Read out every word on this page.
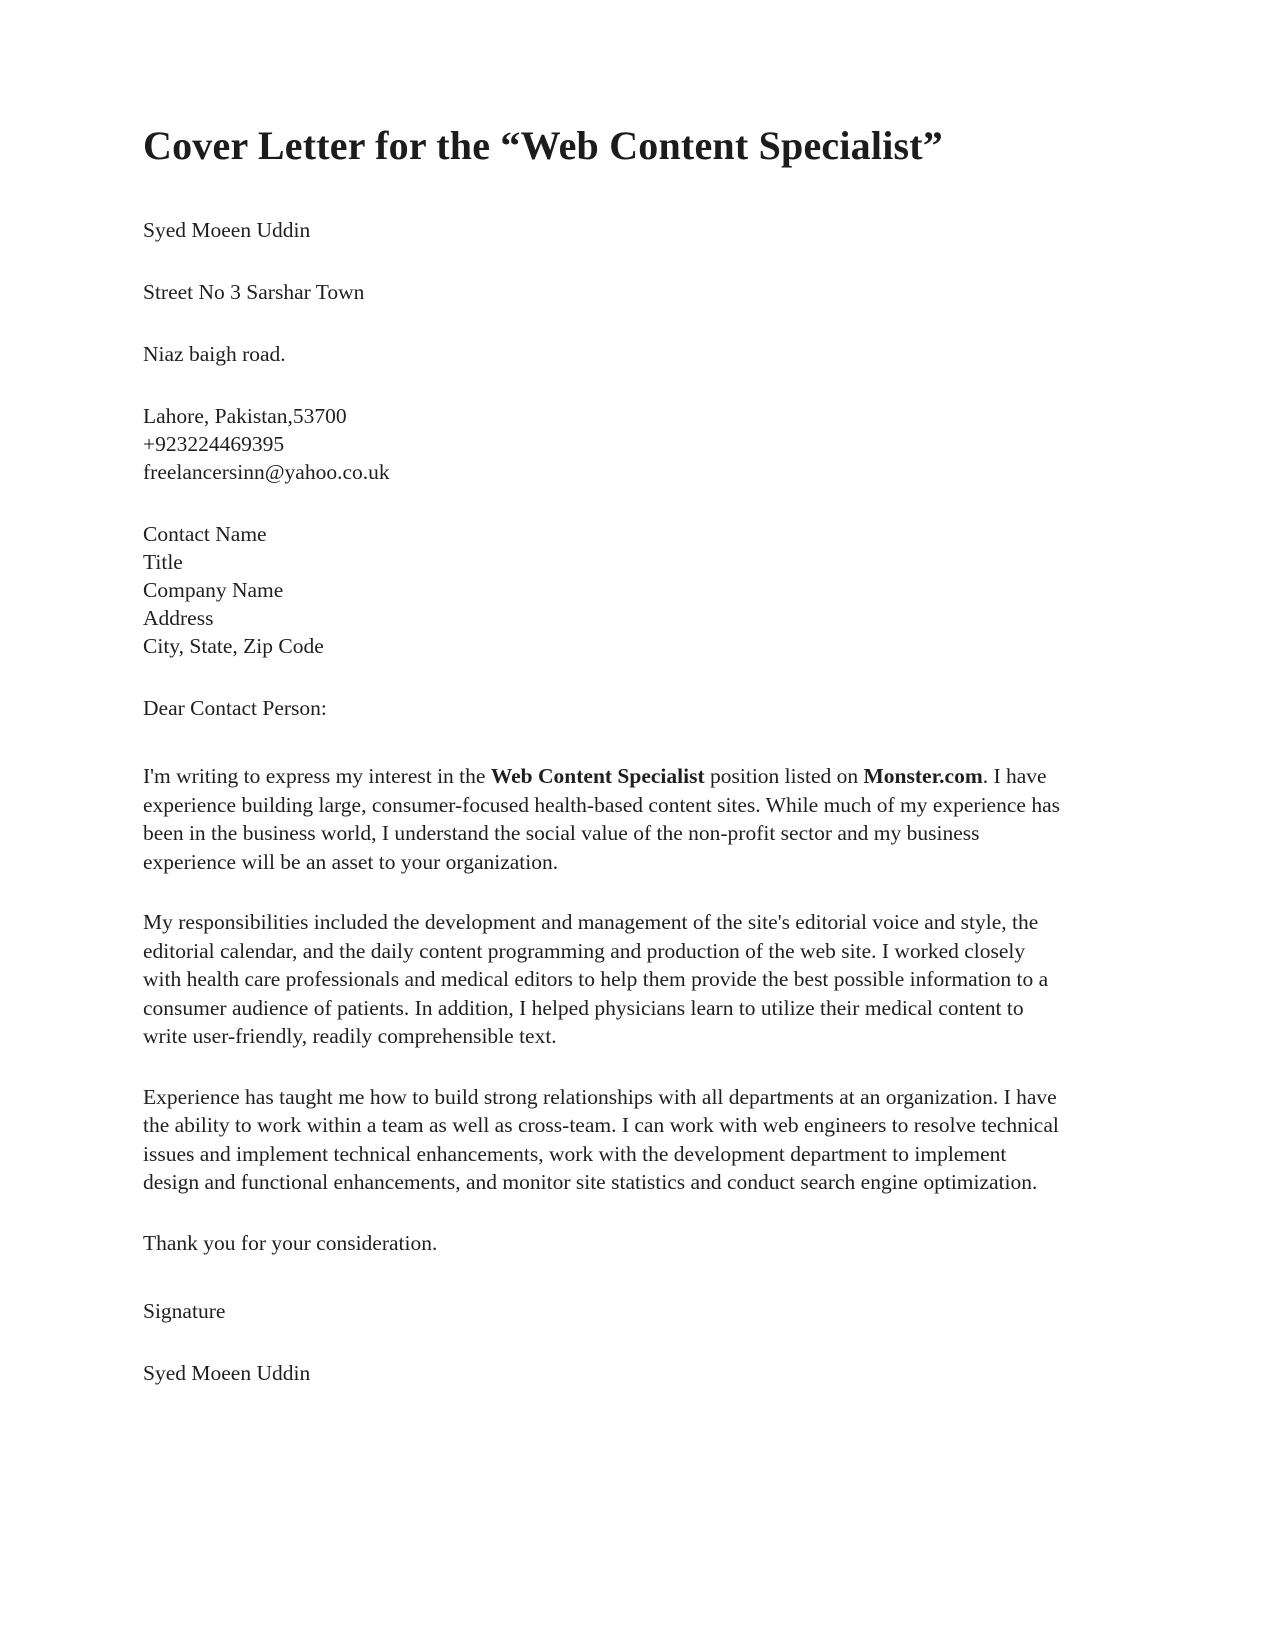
Cover Letter for the “Web Content Specialist”

Syed Moeen Uddin

Street No 3 Sarshar Town

Niaz baigh road.

Lahore, Pakistan,53700

+923224469395

freelancersinn@yahoo.co.uk

Contact Name

Title

Company Name

Address

City, State, Zip Code

Dear Contact Person:

I'm writing to express my interest in the Web Content Specialist position listed on Monster.com. I have experience building large, consumer-focused health-based content sites. While much of my experience has been in the business world, I understand the social value of the non-profit sector and my business experience will be an asset to your organization.

My responsibilities included the development and management of the site's editorial voice and style, the editorial calendar, and the daily content programming and production of the web site. I worked closely with health care professionals and medical editors to help them provide the best possible information to a consumer audience of patients. In addition, I helped physicians learn to utilize their medical content to write user-friendly, readily comprehensible text.

Experience has taught me how to build strong relationships with all departments at an organization. I have the ability to work within a team as well as cross-team. I can work with web engineers to resolve technical issues and implement technical enhancements, work with the development department to implement design and functional enhancements, and monitor site statistics and conduct search engine optimization.

Thank you for your consideration.

Signature

Syed Moeen Uddin
